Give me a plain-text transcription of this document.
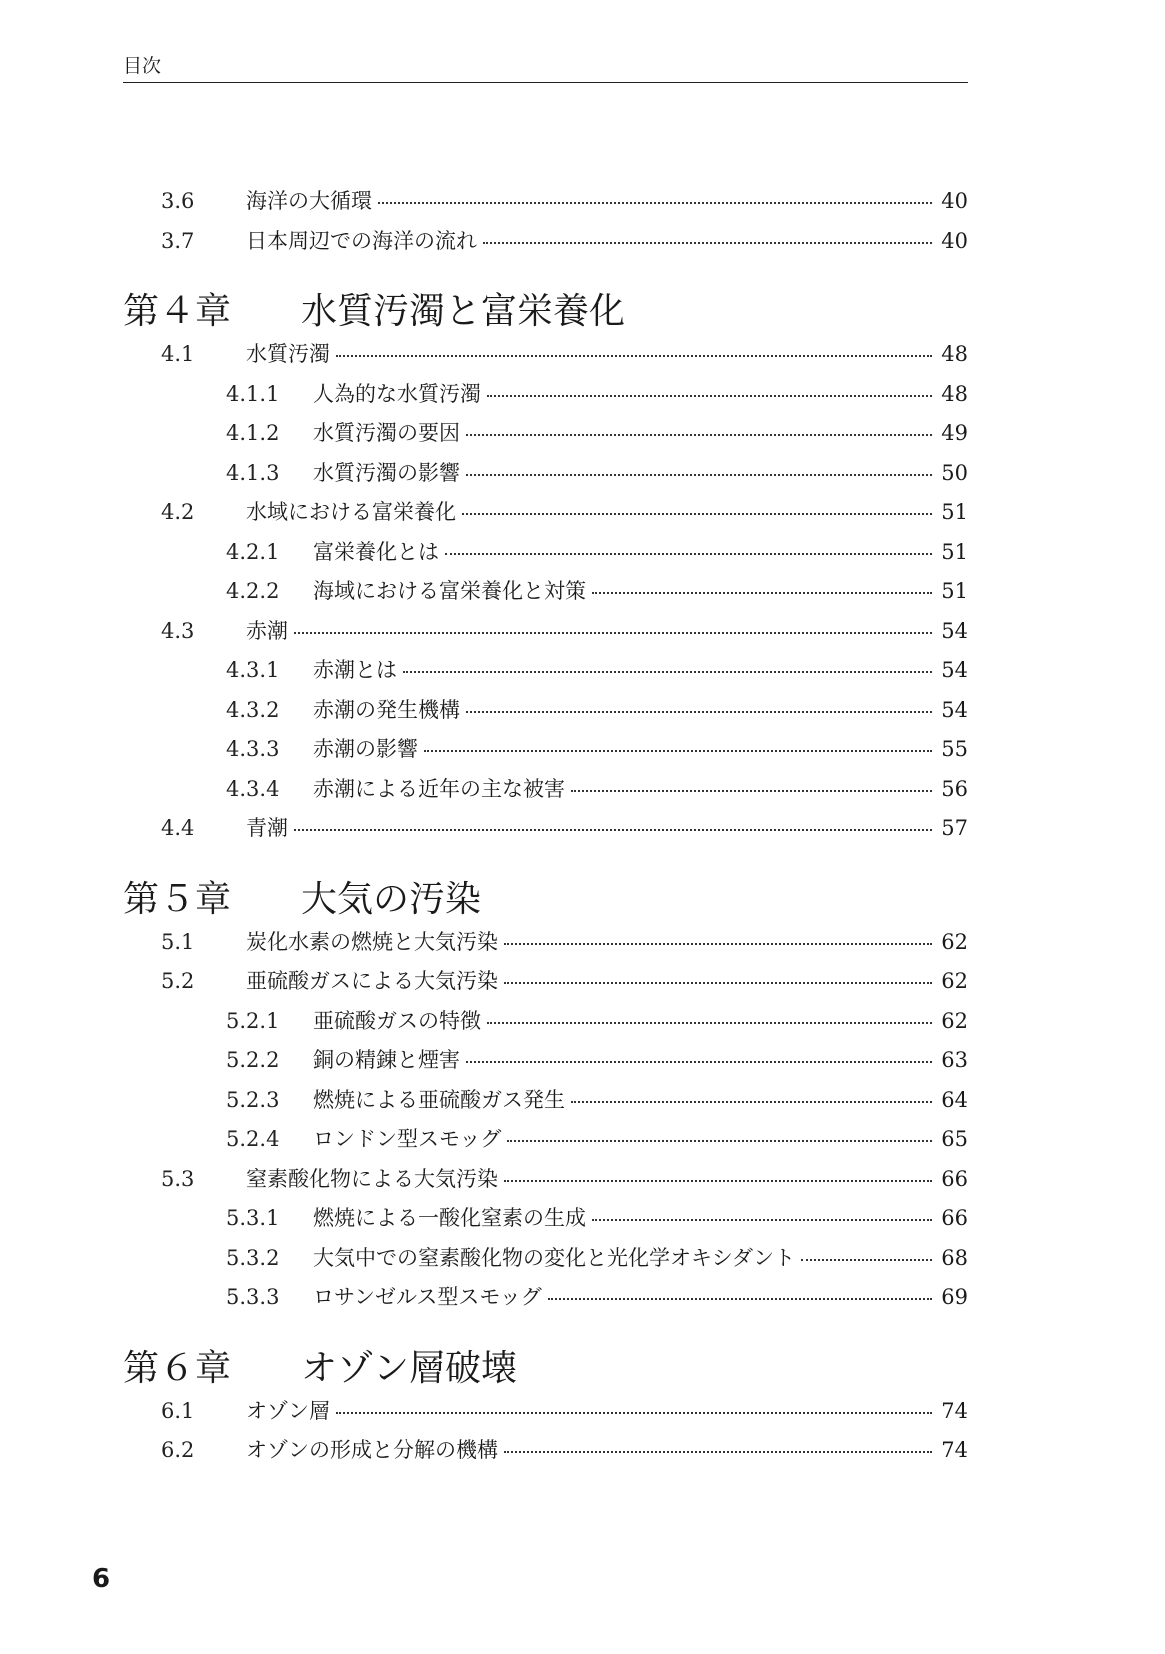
目次
3.6	海洋の大循環	40
3.7	日本周辺での海洋の流れ	40
第４章	水質汚濁と富栄養化
4.1	水質汚濁	48
4.1.1	人為的な水質汚濁	48
4.1.2	水質汚濁の要因	49
4.1.3	水質汚濁の影響	50
4.2	水域における富栄養化	51
4.2.1	富栄養化とは	51
4.2.2	海域における富栄養化と対策	51
4.3	赤潮	54
4.3.1	赤潮とは	54
4.3.2	赤潮の発生機構	54
4.3.3	赤潮の影響	55
4.3.4	赤潮による近年の主な被害	56
4.4	青潮	57
第５章	大気の汚染
5.1	炭化水素の燃焼と大気汚染	62
5.2	亜硫酸ガスによる大気汚染	62
5.2.1	亜硫酸ガスの特徴	62
5.2.2	銅の精錬と煙害	63
5.2.3	燃焼による亜硫酸ガス発生	64
5.2.4	ロンドン型スモッグ	65
5.3	窒素酸化物による大気汚染	66
5.3.1	燃焼による一酸化窒素の生成	66
5.3.2	大気中での窒素酸化物の変化と光化学オキシダント	68
5.3.3	ロサンゼルス型スモッグ	69
第６章	オゾン層破壊
6.1	オゾン層	74
6.2	オゾンの形成と分解の機構	74
6
